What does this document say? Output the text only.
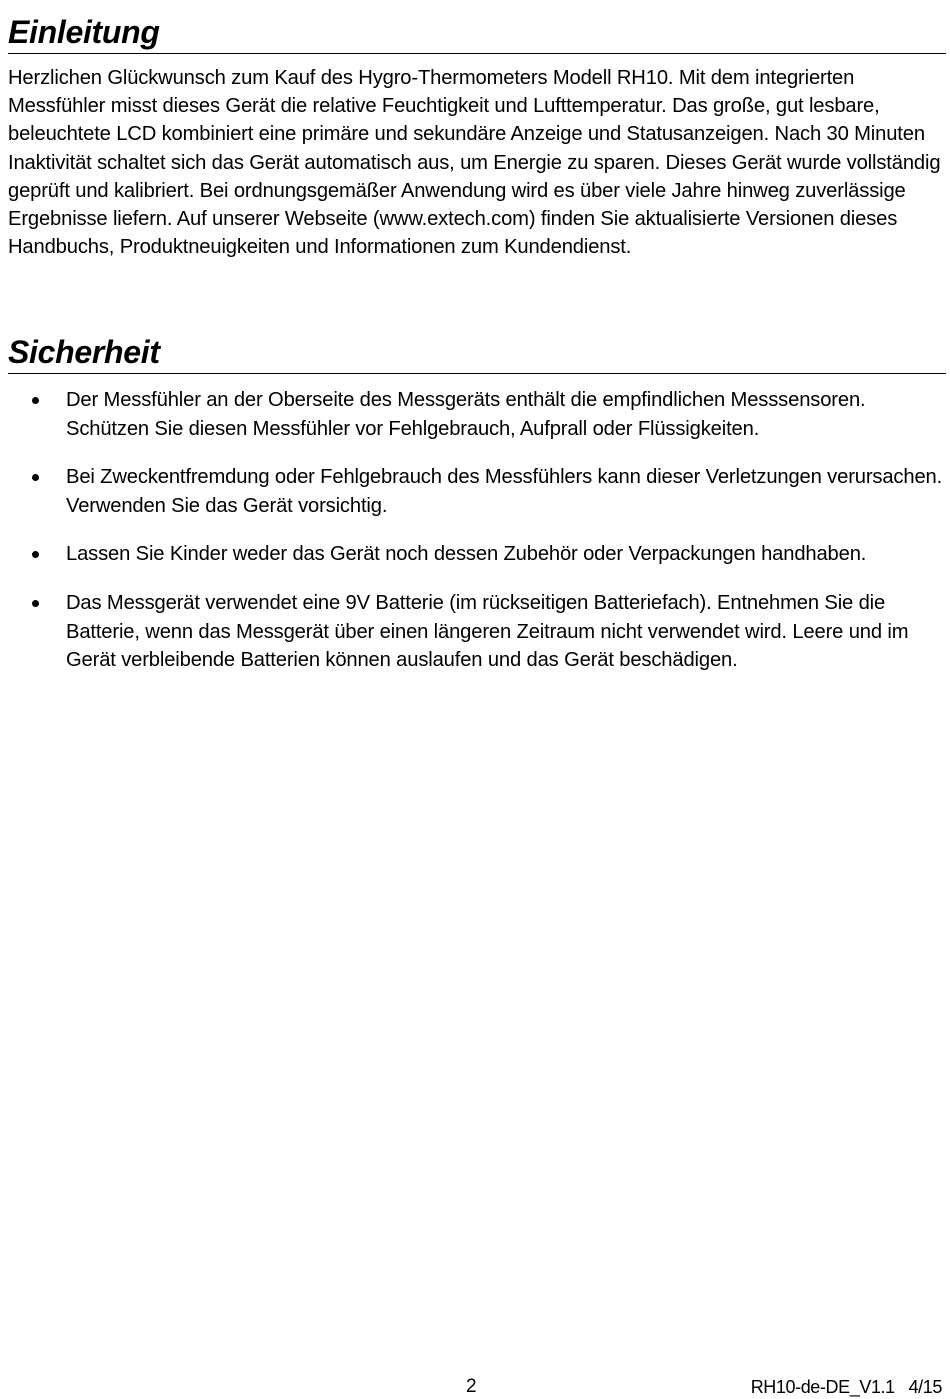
Einleitung

Herzlichen Glückwunsch zum Kauf des Hygro-Thermometers Modell RH10. Mit dem integrierten Messfühler misst dieses Gerät die relative Feuchtigkeit und Lufttemperatur. Das große, gut lesbare, beleuchtete LCD kombiniert eine primäre und sekundäre Anzeige und Statusanzeigen. Nach 30 Minuten Inaktivität schaltet sich das Gerät automatisch aus, um Energie zu sparen. Dieses Gerät wurde vollständig geprüft und kalibriert. Bei ordnungsgemäßer Anwendung wird es über viele Jahre hinweg zuverlässige Ergebnisse liefern. Auf unserer Webseite (www.extech.com) finden Sie aktualisierte Versionen dieses Handbuchs, Produktneuigkeiten und Informationen zum Kundendienst.

Sicherheit
Der Messfühler an der Oberseite des Messgeräts enthält die empfindlichen Messsensoren. Schützen Sie diesen Messfühler vor Fehlgebrauch, Aufprall oder Flüssigkeiten.
Bei Zweckentfremdung oder Fehlgebrauch des Messfühlers kann dieser Verletzungen verursachen. Verwenden Sie das Gerät vorsichtig.
Lassen Sie Kinder weder das Gerät noch dessen Zubehör oder Verpackungen handhaben.
Das Messgerät verwendet eine 9V Batterie (im rückseitigen Batteriefach). Entnehmen Sie die Batterie, wenn das Messgerät über einen längeren Zeitraum nicht verwendet wird. Leere und im Gerät verbleibende Batterien können auslaufen und das Gerät beschädigen.
2	RH10-de-DE_V1.1   4/15
